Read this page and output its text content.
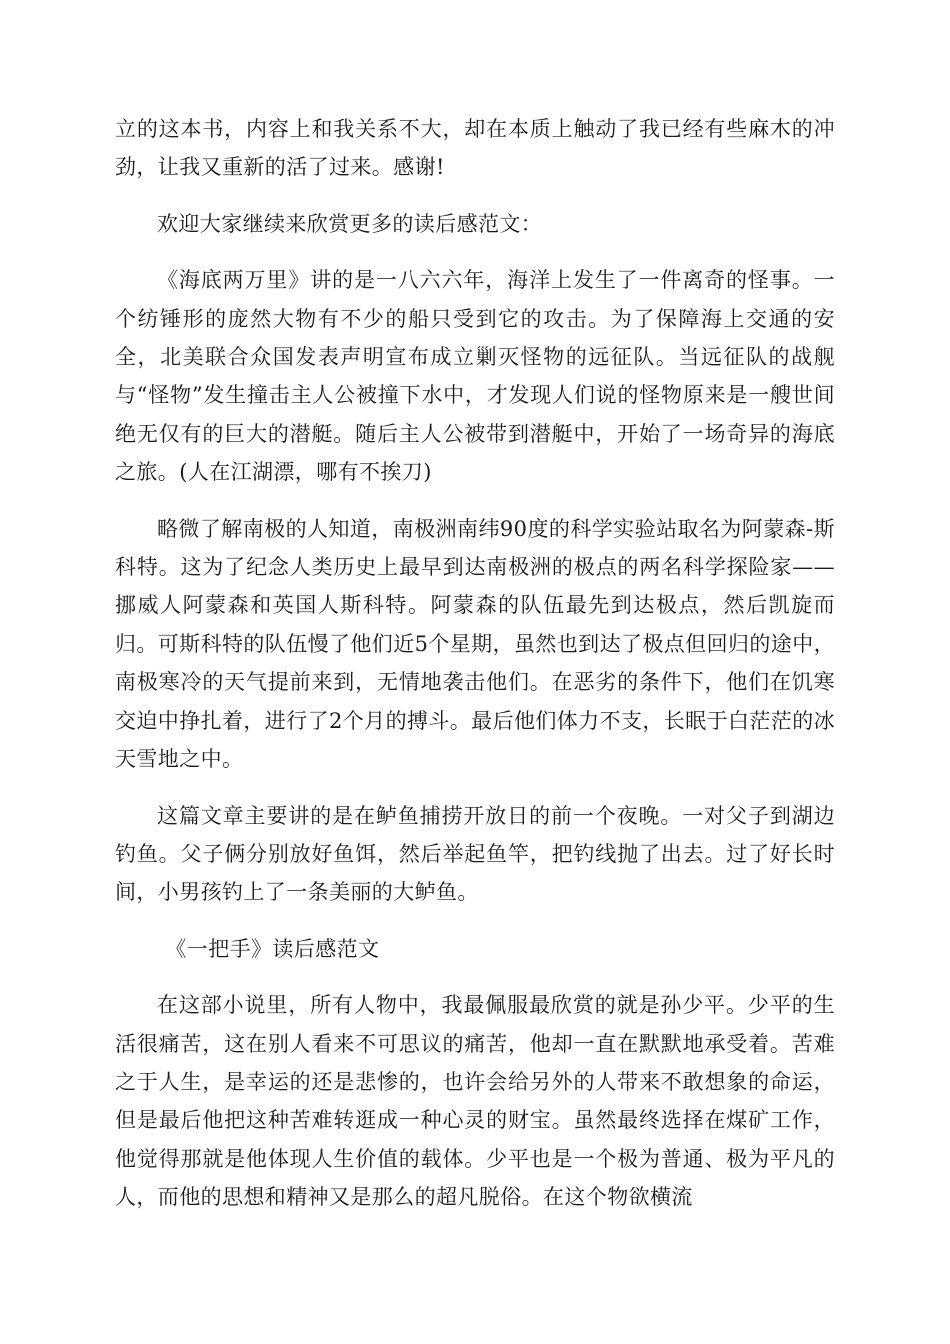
立的这本书，内容上和我关系不大，却在本质上触动了我已经有些麻木的冲劲，让我又重新的活了过来。感谢!

欢迎大家继续来欣赏更多的读后感范文：

《海底两万里》讲的是一八六六年，海洋上发生了一件离奇的怪事。一个纺锤形的庞然大物有不少的船只受到它的攻击。为了保障海上交通的安全，北美联合众国发表声明宣布成立剿灭怪物的远征队。当远征队的战舰与“怪物”发生撞击主人公被撞下水中，才发现人们说的怪物原来是一艘世间绝无仅有的巨大的潜艇。随后主人公被带到潜艇中，开始了一场奇异的海底之旅。(人在江湖漂，哪有不挨刀)

略微了解南极的人知道，南极洲南纬90度的科学实验站取名为阿蒙森-斯科特。这为了纪念人类历史上最早到达南极洲的极点的两名科学探险家——挪威人阿蒙森和英国人斯科特。阿蒙森的队伍最先到达极点，然后凯旋而归。可斯科特的队伍慢了他们近5个星期，虽然也到达了极点但回归的途中，南极寒冷的天气提前来到，无情地袭击他们。在恶劣的条件下，他们在饥寒交迫中挣扎着，进行了2个月的搏斗。最后他们体力不支，长眠于白茫茫的冰天雪地之中。

这篇文章主要讲的是在鲈鱼捕捞开放日的前一个夜晚。一对父子到湖边钓鱼。父子俩分别放好鱼饵，然后举起鱼竿，把钓线抛了出去。过了好长时间，小男孩钓上了一条美丽的大鲈鱼。

《一把手》读后感范文

在这部小说里，所有人物中，我最佩服最欣赏的就是孙少平。少平的生活很痛苦，这在别人看来不可思议的痛苦，他却一直在默默地承受着。苦难之于人生，是幸运的还是悲惨的，也许会给另外的人带来不敢想象的命运，但是最后他把这种苦难转逛成一种心灵的财宝。虽然最终选择在煤矿工作，他觉得那就是他体现人生价值的载体。少平也是一个极为普通、极为平凡的人，而他的思想和精神又是那么的超凡脱俗。在这个物欲横流
